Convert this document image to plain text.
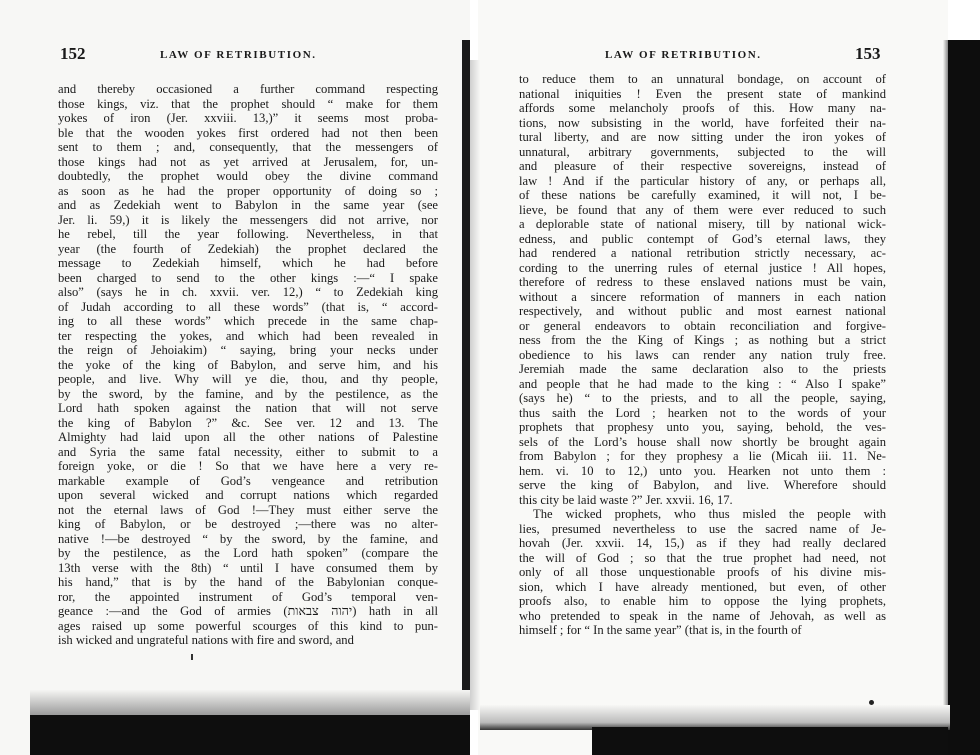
152	LAW OF RETRIBUTION.
and thereby occasioned a further command respecting
those kings, viz. that the prophet should “ make for them
yokes of iron (Jer. xxviii. 13,)” it seems most proba-
ble that the wooden yokes first ordered had not then been
sent to them ; and, consequently, that the messengers of
those kings had not as yet arrived at Jerusalem, for, un-
doubtedly, the prophet would obey the divine command
as soon as he had the proper opportunity of doing so ;
and as Zedekiah went to Babylon in the same year (see
Jer. li. 59,) it is likely the messengers did not arrive, nor
he rebel, till the year following. Nevertheless, in that
year (the fourth of Zedekiah) the prophet declared the
message to Zedekiah himself, which he had before
been charged to send to the other kings :—“ I spake
also” (says he in ch. xxvii. ver. 12,) “ to Zedekiah king
of Judah according to all these words” (that is, “ accord-
ing to all these words” which precede in the same chap-
ter respecting the yokes, and which had been revealed in
the reign of Jehoiakim) “ saying, bring your necks under
the yoke of the king of Babylon, and serve him, and his
people, and live. Why will ye die, thou, and thy people,
by the sword, by the famine, and by the pestilence, as the
Lord hath spoken against the nation that will not serve
the king of Babylon ?” &c. See ver. 12 and 13. The
Almighty had laid upon all the other nations of Palestine
and Syria the same fatal necessity, either to submit to a
foreign yoke, or die ! So that we have here a very re-
markable example of God’s vengeance and retribution
upon several wicked and corrupt nations which regarded
not the eternal laws of God !—They must either serve the
king of Babylon, or be destroyed ;—there was no alter-
native !—be destroyed “ by the sword, by the famine, and
by the pestilence, as the Lord hath spoken” (compare the
13th verse with the 8th) “ until I have consumed them by
his hand,” that is by the hand of the Babylonian conque-
ror, the appointed instrument of God’s temporal ven-
geance :—and the God of armies (יהוה צבאות) hath in all
ages raised up some powerful scourges of this kind to pun-
ish wicked and ungrateful nations with fire and sword, and
153
LAW OF RETRIBUTION.
to reduce them to an unnatural bondage, on account of
national iniquities ! Even the present state of mankind
affords some melancholy proofs of this. How many na-
tions, now subsisting in the world, have forfeited their na-
tural liberty, and are now sitting under the iron yokes of
unnatural, arbitrary governments, subjected to the will
and pleasure of their respective sovereigns, instead of
law ! And if the particular history of any, or perhaps all,
of these nations be carefully examined, it will not, I be-
lieve, be found that any of them were ever reduced to such
a deplorable state of national misery, till by national wick-
edness, and public contempt of God’s eternal laws, they
had rendered a national retribution strictly necessary, ac-
cording to the unerring rules of eternal justice ! All hopes,
therefore of redress to these enslaved nations must be vain,
without a sincere reformation of manners in each nation
respectively, and without public and most earnest national
or general endeavors to obtain reconciliation and forgive-
ness from the the King of Kings ; as nothing but a strict
obedience to his laws can render any nation truly free.
Jeremiah made the same declaration also to the priests
and people that he had made to the king : “ Also I spake”
(says he) “ to the priests, and to all the people, saying,
thus saith the Lord ; hearken not to the words of your
prophets that prophesy unto you, saying, behold, the ves-
sels of the Lord’s house shall now shortly be brought again
from Babylon ; for they prophesy a lie (Micah iii. 11. Ne-
hem. vi. 10 to 12,) unto you. Hearken not unto them :
serve the king of Babylon, and live. Wherefore should
this city be laid waste ?” Jer. xxvii. 16, 17.
The wicked prophets, who thus misled the people with
lies, presumed nevertheless to use the sacred name of Je-
hovah (Jer. xxvii. 14, 15,) as if they had really declared
the will of God ; so that the true prophet had need, not
only of all those unquestionable proofs of his divine mis-
sion, which I have already mentioned, but even, of other
proofs also, to enable him to oppose the lying prophets,
who pretended to speak in the name of Jehovah, as well as
himself ; for “ In the same year” (that is, in the fourth of
